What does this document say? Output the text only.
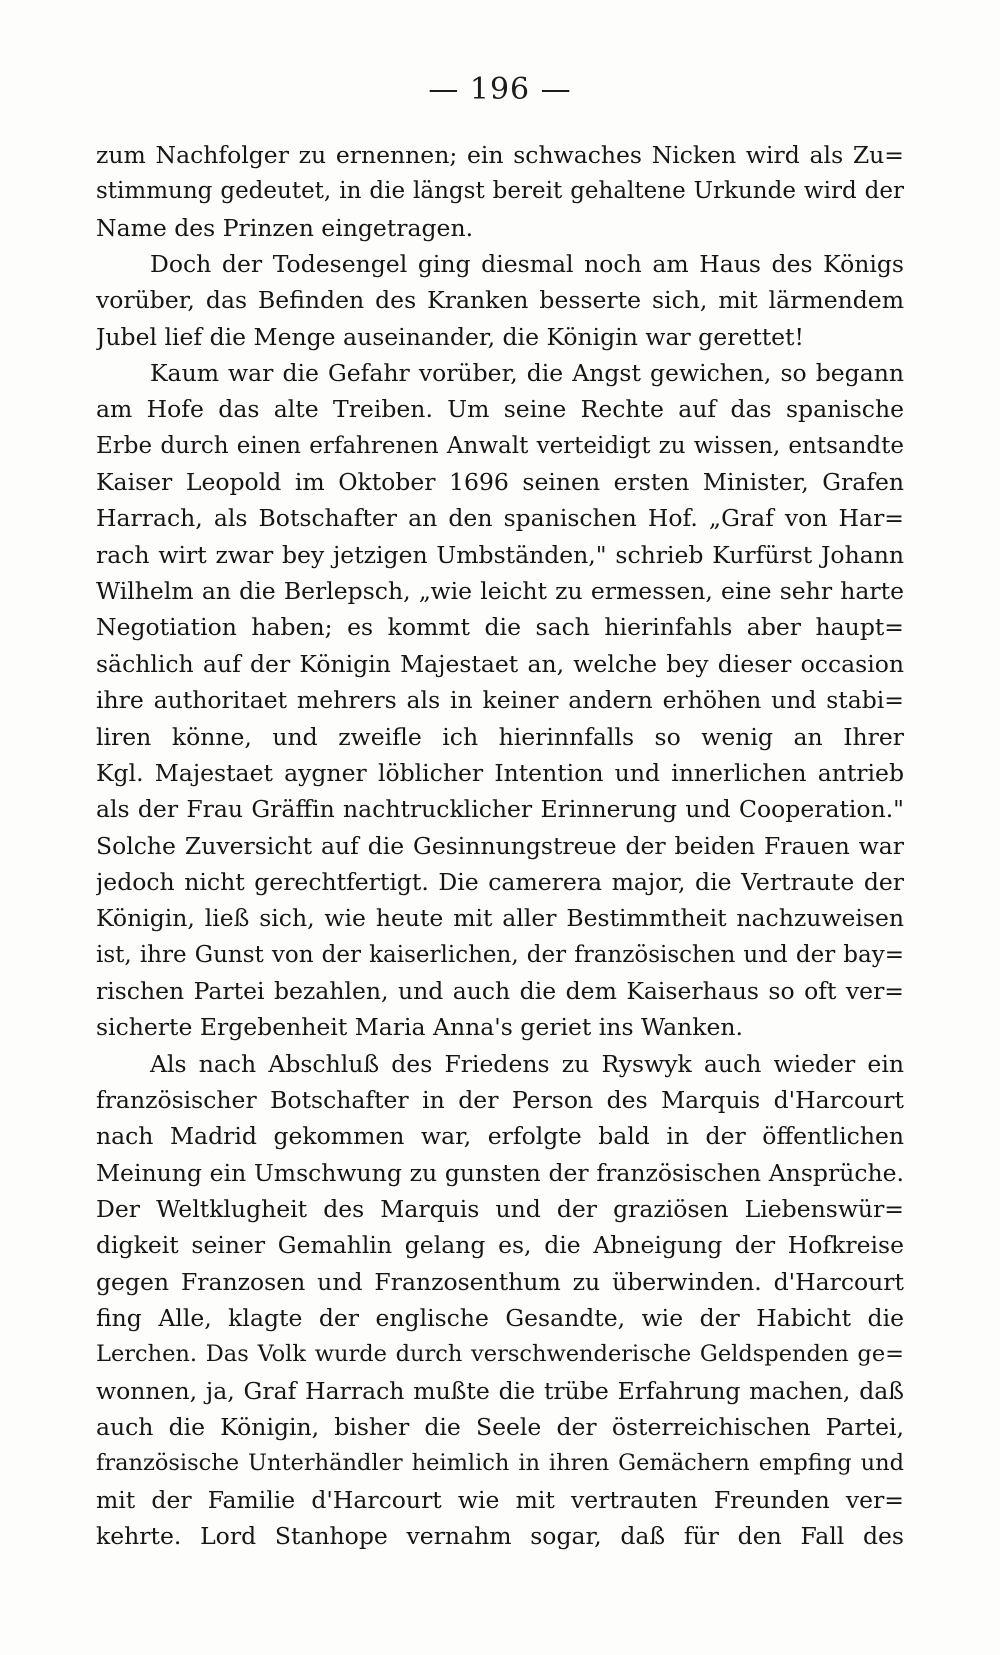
— 196 —
zum Nachfolger zu ernennen; ein schwaches Nicken wird als Zu=
stimmung gedeutet, in die längst bereit gehaltene Urkunde wird der
Name des Prinzen eingetragen.
Doch der Todesengel ging diesmal noch am Haus des Königs
vorüber, das Befinden des Kranken besserte sich, mit lärmendem
Jubel lief die Menge auseinander, die Königin war gerettet!
Kaum war die Gefahr vorüber, die Angst gewichen, so begann
am Hofe das alte Treiben. Um seine Rechte auf das spanische
Erbe durch einen erfahrenen Anwalt verteidigt zu wissen, entsandte
Kaiser Leopold im Oktober 1696 seinen ersten Minister, Grafen
Harrach, als Botschafter an den spanischen Hof. „Graf von Har=
rach wirt zwar bey jetzigen Umbständen," schrieb Kurfürst Johann
Wilhelm an die Berlepsch, „wie leicht zu ermessen, eine sehr harte
Negotiation haben; es kommt die sach hierinfahls aber haupt=
sächlich auf der Königin Majestaet an, welche bey dieser occasion
ihre authoritaet mehrers als in keiner andern erhöhen und stabi=
liren könne, und zweifle ich hierinnfalls so wenig an Ihrer
Kgl. Majestaet aygner löblicher Intention und innerlichen antrieb
als der Frau Gräffin nachtrucklicher Erinnerung und Cooperation."
Solche Zuversicht auf die Gesinnungstreue der beiden Frauen war
jedoch nicht gerechtfertigt. Die camerera major, die Vertraute der
Königin, ließ sich, wie heute mit aller Bestimmtheit nachzuweisen
ist, ihre Gunst von der kaiserlichen, der französischen und der bay=
rischen Partei bezahlen, und auch die dem Kaiserhaus so oft ver=
sicherte Ergebenheit Maria Anna's geriet ins Wanken.
Als nach Abschluß des Friedens zu Ryswyk auch wieder ein
französischer Botschafter in der Person des Marquis d'Harcourt
nach Madrid gekommen war, erfolgte bald in der öffentlichen
Meinung ein Umschwung zu gunsten der französischen Ansprüche.
Der Weltklugheit des Marquis und der graziösen Liebenswür=
digkeit seiner Gemahlin gelang es, die Abneigung der Hofkreise
gegen Franzosen und Franzosenthum zu überwinden. d'Harcourt
fing Alle, klagte der englische Gesandte, wie der Habicht die
Lerchen. Das Volk wurde durch verschwenderische Geldspenden ge=
wonnen, ja, Graf Harrach mußte die trübe Erfahrung machen, daß
auch die Königin, bisher die Seele der österreichischen Partei,
französische Unterhändler heimlich in ihren Gemächern empfing und
mit der Familie d'Harcourt wie mit vertrauten Freunden ver=
kehrte. Lord Stanhope vernahm sogar, daß für den Fall des
